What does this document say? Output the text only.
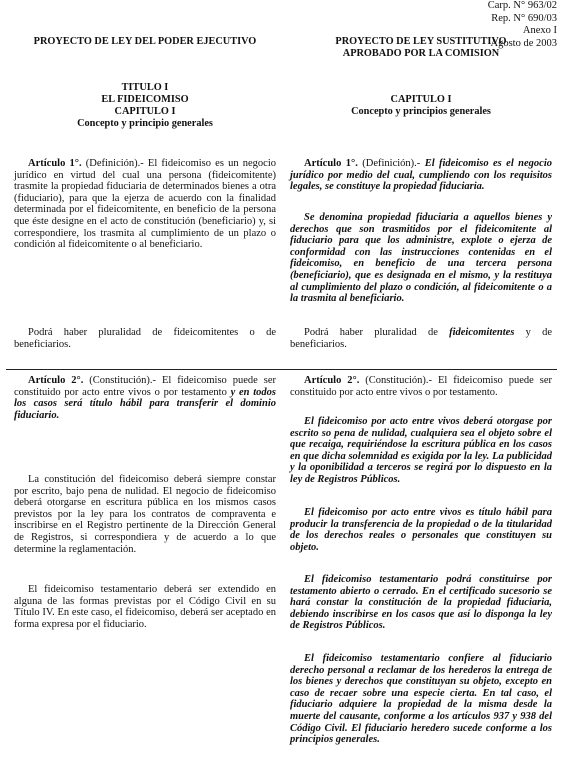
Carp. N° 963/02
Rep. N° 690/03
Anexo I
Agosto de 2003

PROYECTO DE LEY DEL PODER EJECUTIVO

TITULO I

EL FIDEICOMISO

CAPITULO I

Concepto y principio generales

Artículo 1°. (Definición).- El fideicomiso es un negocio jurídico en virtud del cual una persona (fideicomitente) trasmite la propiedad fiduciaria de determinados bienes a otra (fiduciario), para que la ejerza de acuerdo con la finalidad determinada por el fideicomitente, en beneficio de la persona que éste designe en el acto de constitución (beneficiario) y, si correspondiere, los trasmita al cumplimiento de un plazo o condición al fideicomitente o al beneficiario.

Podrá haber pluralidad de fideicomitentes o de beneficiarios.

Artículo 2°. (Constitución).- El fideicomiso puede ser constituido por acto entre vivos o por testamento y en todos los casos será título hábil para transferir el dominio fiduciario.

La constitución del fideicomiso deberá siempre constar por escrito, bajo pena de nulidad. El negocio de fideicomiso deberá otorgarse en escritura pública en los mismos casos previstos por la ley para los contratos de compraventa e inscribirse en el Registro pertinente de la Dirección General de Registros, si correspondiera y de acuerdo a lo que determine la reglamentación.

El fideicomiso testamentario deberá ser extendido en alguna de las formas previstas por el Código Civil en su Título IV. En este caso, el fideicomiso, deberá ser aceptado en forma expresa por el fiduciario.

PROYECTO DE LEY SUSTITUTIVO

APROBADO POR LA COMISION

CAPITULO I

Concepto y principios generales

Artículo 1°. (Definición).- El fideicomiso es el negocio jurídico por medio del cual, cumpliendo con los requisitos legales, se constituye la propiedad fiduciaria.

Se denomina propiedad fiduciaria a aquellos bienes y derechos que son trasmitidos por el fideicomitente al fiduciario para que los administre, explote o ejerza de conformidad con las instrucciones contenidas en el fideicomiso, en beneficio de una tercera persona (beneficiario), que es designada en el mismo, y la restituya al cumplimiento del plazo o condición, al fideicomitente o a la trasmita al beneficiario.

Podrá haber pluralidad de fideicomitentes y de beneficiarios.

Artículo 2°. (Constitución).- El fideicomiso puede ser constituido por acto entre vivos o por testamento.

El fideicomiso por acto entre vivos deberá otorgase por escrito so pena de nulidad, cualquiera sea el objeto sobre el que recaiga, requiriéndose la escritura pública en los casos en que dicha solemnidad es exigida por la ley. La publicidad y la oponibilidad a terceros se regirá por lo dispuesto en la ley de Registros Públicos.

El fideicomiso por acto entre vivos es título hábil para producir la transferencia de la propiedad o de la titularidad de los derechos reales o personales que constituyen su objeto.

El fideicomiso testamentario podrá constituirse por testamento abierto o cerrado. En el certificado sucesorio se hará constar la constitución de la propiedad fiduciaria, debiendo inscribirse en los casos que así lo disponga la ley de Registros Públicos.

El fideicomiso testamentario confiere al fiduciario derecho personal a reclamar de los herederos la entrega de los bienes y derechos que constituyan su objeto, excepto en caso de recaer sobre una especie cierta. En tal caso, el fiduciario adquiere la propiedad de la misma desde la muerte del causante, conforme a los artículos 937 y 938 del Código Civil. El fiduciario heredero sucede conforme a los principios generales.
